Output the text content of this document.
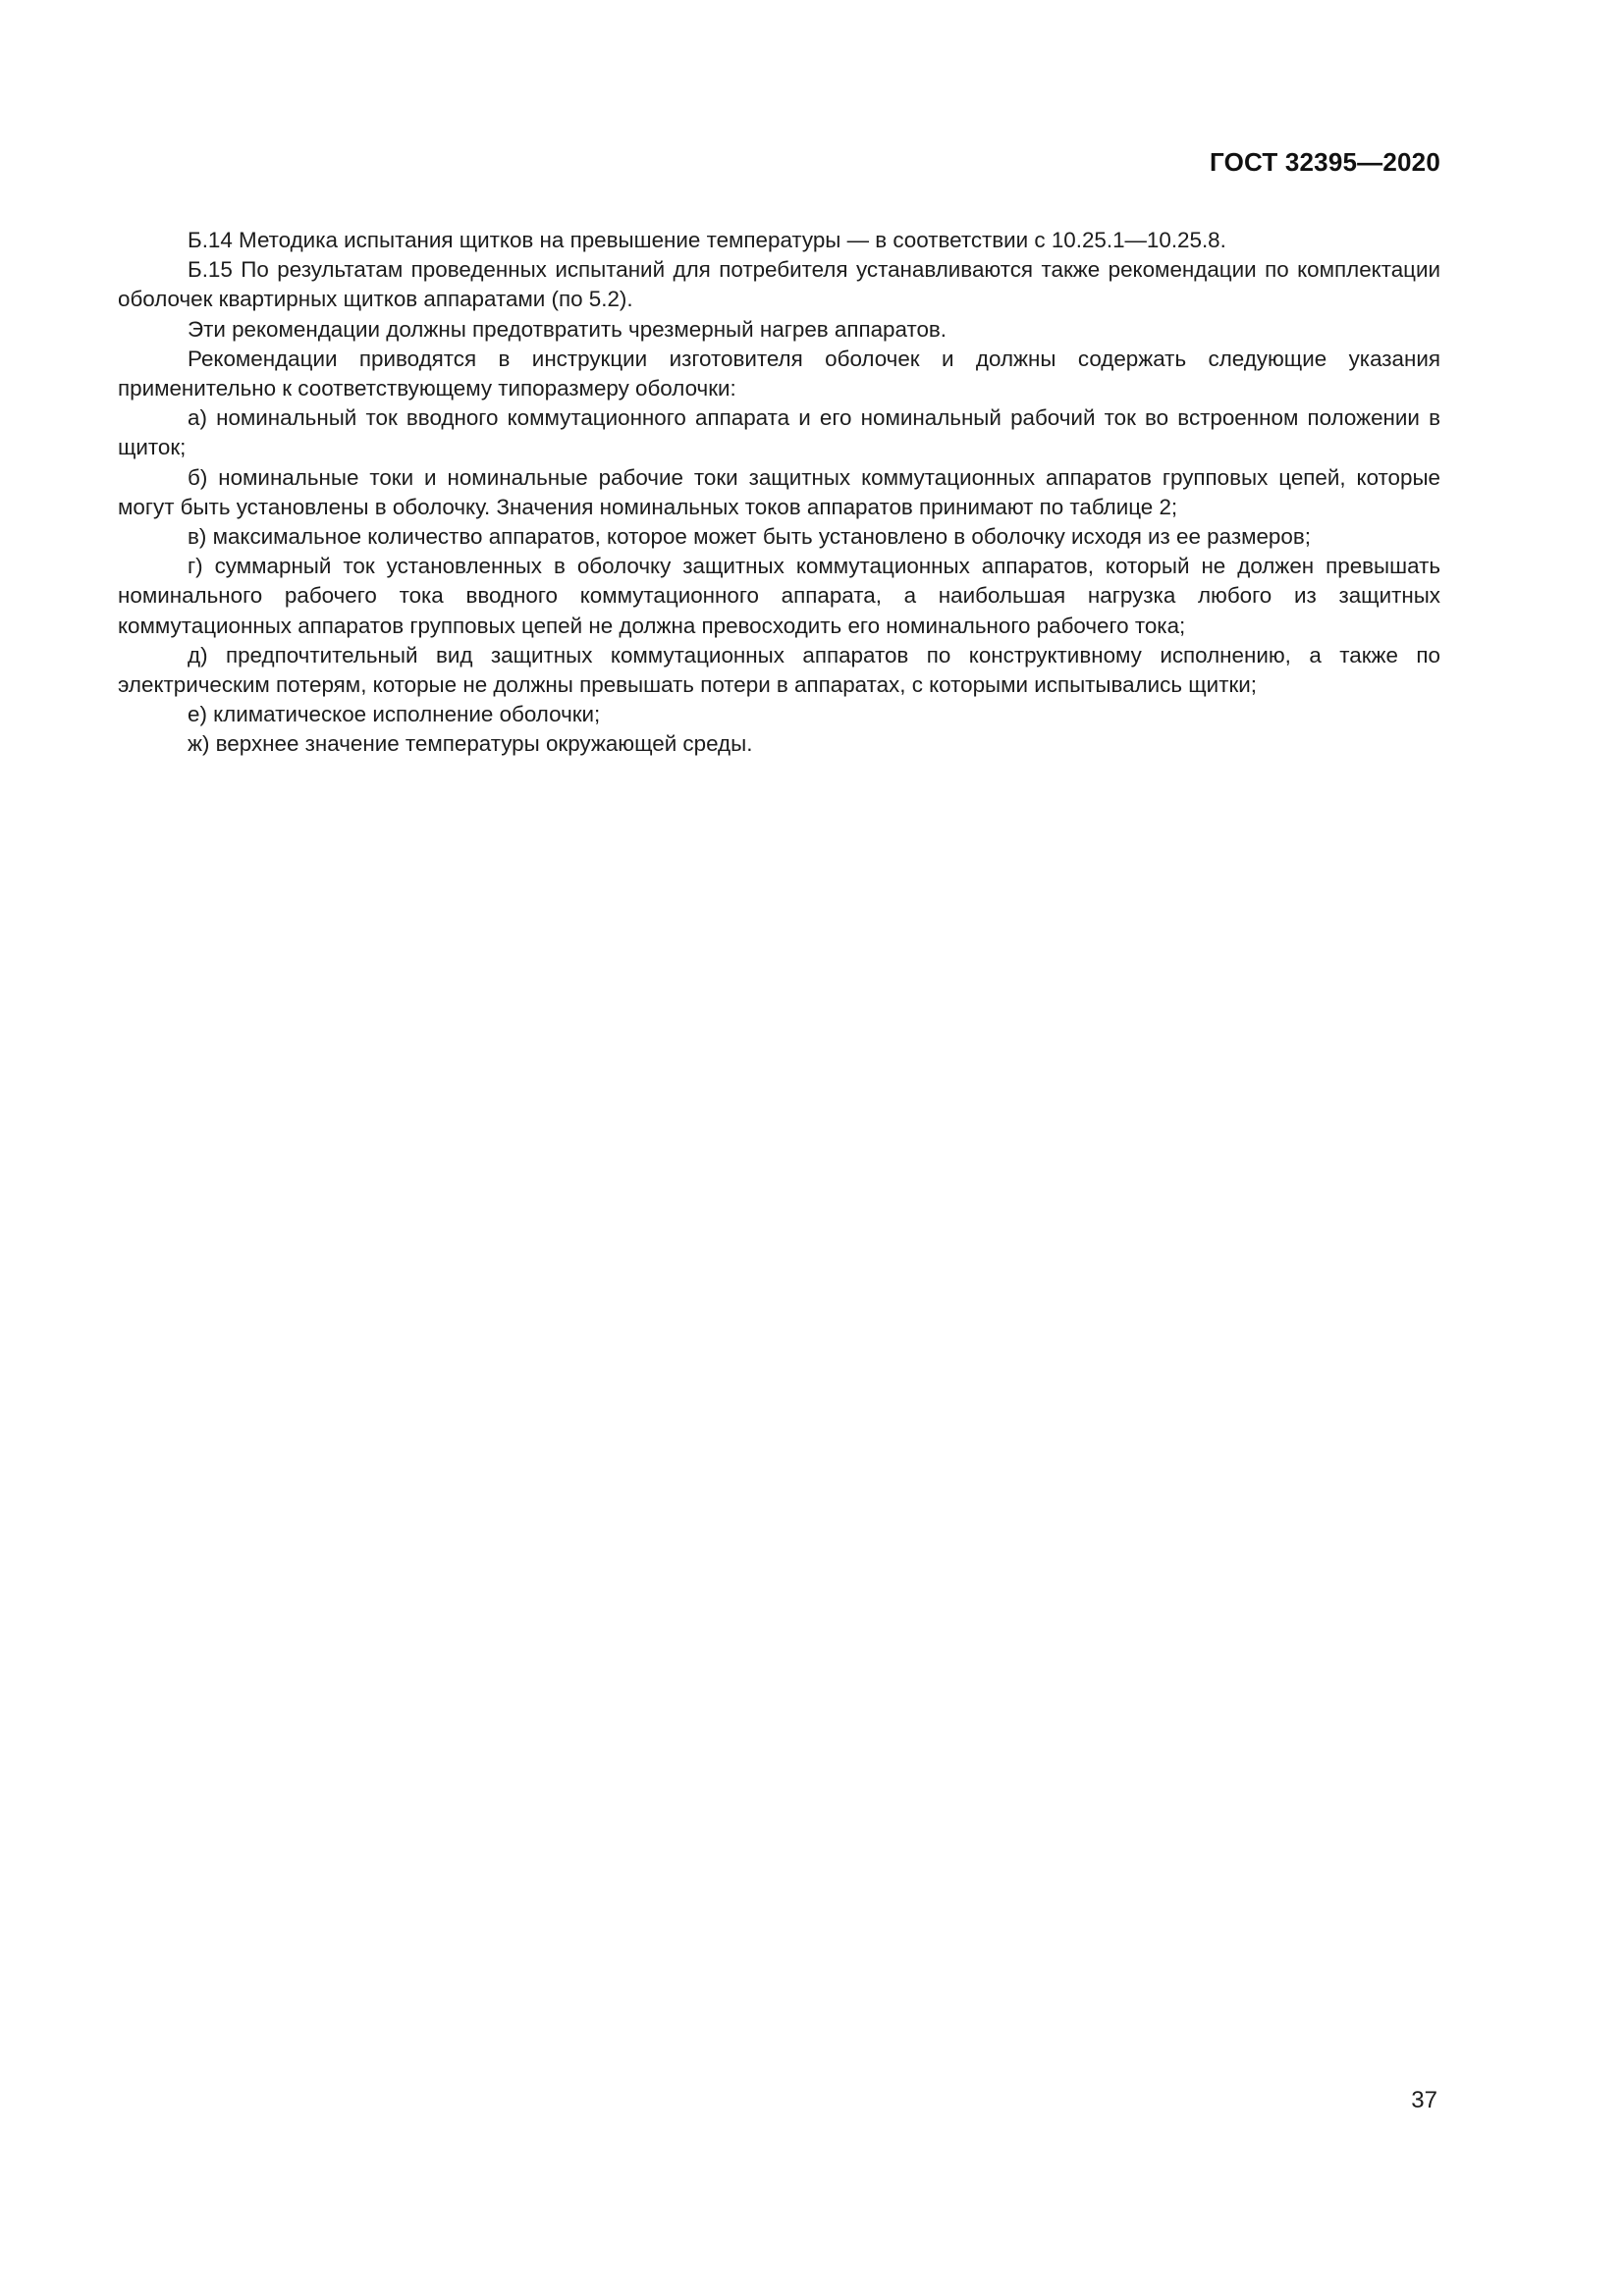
ГОСТ 32395—2020

Б.14 Методика испытания щитков на превышение температуры — в соответствии с 10.25.1—10.25.8.

Б.15 По результатам проведенных испытаний для потребителя устанавливаются также рекомендации по комплектации оболочек квартирных щитков аппаратами (по 5.2).

Эти рекомендации должны предотвратить чрезмерный нагрев аппаратов.

Рекомендации приводятся в инструкции изготовителя оболочек и должны содержать следующие указания применительно к соответствующему типоразмеру оболочки:

а) номинальный ток вводного коммутационного аппарата и его номинальный рабочий ток во встроенном положении в щиток;

б) номинальные токи и номинальные рабочие токи защитных коммутационных аппаратов групповых цепей, которые могут быть установлены в оболочку. Значения номинальных токов аппаратов принимают по таблице 2;

в) максимальное количество аппаратов, которое может быть установлено в оболочку исходя из ее размеров;

г) суммарный ток установленных в оболочку защитных коммутационных аппаратов, который не должен превышать номинального рабочего тока вводного коммутационного аппарата, а наибольшая нагрузка любого из защитных коммутационных аппаратов групповых цепей не должна превосходить его номинального рабочего тока;

д) предпочтительный вид защитных коммутационных аппаратов по конструктивному исполнению, а также по электрическим потерям, которые не должны превышать потери в аппаратах, с которыми испытывались щитки;

е) климатическое исполнение оболочки;

ж) верхнее значение температуры окружающей среды.

37
